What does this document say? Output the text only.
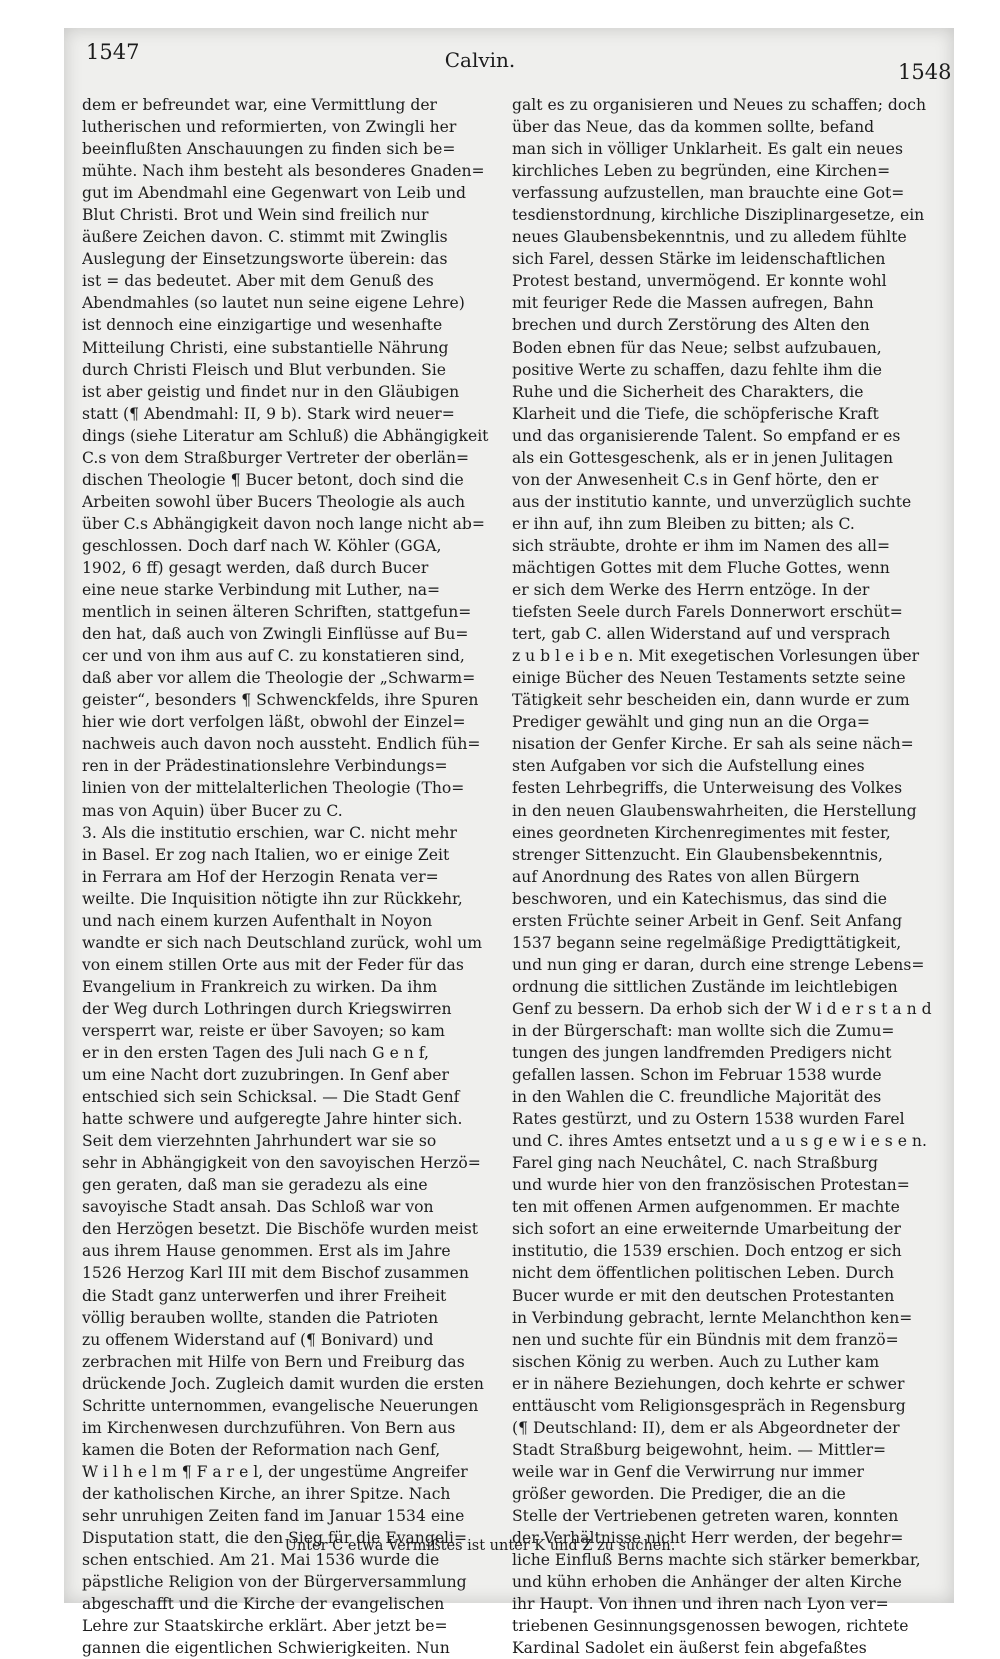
1547	Calvin.	1548
dem er befreundet war, eine Vermittlung der
lutherischen und reformierten, von Zwingli her
beeinflußten Anschauungen zu finden sich be=
mühte. Nach ihm besteht als besonderes Gnaden=
gut im Abendmahl eine Gegenwart von Leib und
Blut Christi. Brot und Wein sind freilich nur
äußere Zeichen davon. C. stimmt mit Zwinglis
Auslegung der Einsetzungsworte überein: das
ist = das bedeutet. Aber mit dem Genuß des
Abendmahles (so lautet nun seine eigene Lehre)
ist dennoch eine einzigartige und wesenhafte
Mitteilung Christi, eine substantielle Nährung
durch Christi Fleisch und Blut verbunden. Sie
ist aber geistig und findet nur in den Gläubigen
statt (¶ Abendmahl: II, 9 b). Stark wird neuer=
dings (siehe Literatur am Schluß) die Abhängigkeit
C.s von dem Straßburger Vertreter der oberlän=
dischen Theologie ¶ Bucer betont, doch sind die
Arbeiten sowohl über Bucers Theologie als auch
über C.s Abhängigkeit davon noch lange nicht ab=
geschlossen. Doch darf nach W. Köhler (GGA,
1902, 6 ff) gesagt werden, daß durch Bucer
eine neue starke Verbindung mit Luther, na=
mentlich in seinen älteren Schriften, stattgefun=
den hat, daß auch von Zwingli Einflüsse auf Bu=
cer und von ihm aus auf C. zu konstatieren sind,
daß aber vor allem die Theologie der „Schwarm=
geister“, besonders ¶ Schwenckfelds, ihre Spuren
hier wie dort verfolgen läßt, obwohl der Einzel=
nachweis auch davon noch aussteht. Endlich füh=
ren in der Prädestinationslehre Verbindungs=
linien von der mittelalterlichen Theologie (Tho=
mas von Aquin) über Bucer zu C.
3. Als die institutio erschien, war C. nicht mehr
in Basel. Er zog nach Italien, wo er einige Zeit
in Ferrara am Hof der Herzogin Renata ver=
weilte. Die Inquisition nötigte ihn zur Rückkehr,
und nach einem kurzen Aufenthalt in Noyon
wandte er sich nach Deutschland zurück, wohl um
von einem stillen Orte aus mit der Feder für das
Evangelium in Frankreich zu wirken. Da ihm
der Weg durch Lothringen durch Kriegswirren
versperrt war, reiste er über Savoyen; so kam
er in den ersten Tagen des Juli nach G e n f,
um eine Nacht dort zuzubringen. In Genf aber
entschied sich sein Schicksal. — Die Stadt Genf
hatte schwere und aufgeregte Jahre hinter sich.
Seit dem vierzehnten Jahrhundert war sie so
sehr in Abhängigkeit von den savoyischen Herzö=
gen geraten, daß man sie geradezu als eine
savoyische Stadt ansah. Das Schloß war von
den Herzögen besetzt. Die Bischöfe wurden meist
aus ihrem Hause genommen. Erst als im Jahre
1526 Herzog Karl III mit dem Bischof zusammen
die Stadt ganz unterwerfen und ihrer Freiheit
völlig berauben wollte, standen die Patrioten
zu offenem Widerstand auf (¶ Bonivard) und
zerbrachen mit Hilfe von Bern und Freiburg das
drückende Joch. Zugleich damit wurden die ersten
Schritte unternommen, evangelische Neuerungen
im Kirchenwesen durchzuführen. Von Bern aus
kamen die Boten der Reformation nach Genf,
W i l h e l m ¶ F a r e l, der ungestüme Angreifer
der katholischen Kirche, an ihrer Spitze. Nach
sehr unruhigen Zeiten fand im Januar 1534 eine
Disputation statt, die den Sieg für die Evangeli=
schen entschied. Am 21. Mai 1536 wurde die
päpstliche Religion von der Bürgerversammlung
abgeschafft und die Kirche der evangelischen
Lehre zur Staatskirche erklärt. Aber jetzt be=
gannen die eigentlichen Schwierigkeiten. Nun
galt es zu organisieren und Neues zu schaffen; doch
über das Neue, das da kommen sollte, befand
man sich in völliger Unklarheit. Es galt ein neues
kirchliches Leben zu begründen, eine Kirchen=
verfassung aufzustellen, man brauchte eine Got=
tesdienstordnung, kirchliche Disziplinargesetze, ein
neues Glaubensbekenntnis, und zu alledem fühlte
sich Farel, dessen Stärke im leidenschaftlichen
Protest bestand, unvermögend. Er konnte wohl
mit feuriger Rede die Massen aufregen, Bahn
brechen und durch Zerstörung des Alten den
Boden ebnen für das Neue; selbst aufzubauen,
positive Werte zu schaffen, dazu fehlte ihm die
Ruhe und die Sicherheit des Charakters, die
Klarheit und die Tiefe, die schöpferische Kraft
und das organisierende Talent. So empfand er es
als ein Gottesgeschenk, als er in jenen Julitagen
von der Anwesenheit C.s in Genf hörte, den er
aus der institutio kannte, und unverzüglich suchte
er ihn auf, ihn zum Bleiben zu bitten; als C.
sich sträubte, drohte er ihm im Namen des all=
mächtigen Gottes mit dem Fluche Gottes, wenn
er sich dem Werke des Herrn entzöge. In der
tiefsten Seele durch Farels Donnerwort erschüt=
tert, gab C. allen Widerstand auf und versprach
z u b l e i b e n. Mit exegetischen Vorlesungen über
einige Bücher des Neuen Testaments setzte seine
Tätigkeit sehr bescheiden ein, dann wurde er zum
Prediger gewählt und ging nun an die Orga=
nisation der Genfer Kirche. Er sah als seine näch=
sten Aufgaben vor sich die Aufstellung eines
festen Lehrbegriffs, die Unterweisung des Volkes
in den neuen Glaubenswahrheiten, die Herstellung
eines geordneten Kirchenregimentes mit fester,
strenger Sittenzucht. Ein Glaubensbekenntnis,
auf Anordnung des Rates von allen Bürgern
beschworen, und ein Katechismus, das sind die
ersten Früchte seiner Arbeit in Genf. Seit Anfang
1537 begann seine regelmäßige Predigttätigkeit,
und nun ging er daran, durch eine strenge Lebens=
ordnung die sittlichen Zustände im leichtlebigen
Genf zu bessern. Da erhob sich der W i d e r s t a n d
in der Bürgerschaft: man wollte sich die Zumu=
tungen des jungen landfremden Predigers nicht
gefallen lassen. Schon im Februar 1538 wurde
in den Wahlen die C. freundliche Majorität des
Rates gestürzt, und zu Ostern 1538 wurden Farel
und C. ihres Amtes entsetzt und a u s g e w i e s e n.
Farel ging nach Neuchâtel, C. nach Straßburg
und wurde hier von den französischen Protestan=
ten mit offenen Armen aufgenommen. Er machte
sich sofort an eine erweiternde Umarbeitung der
institutio, die 1539 erschien. Doch entzog er sich
nicht dem öffentlichen politischen Leben. Durch
Bucer wurde er mit den deutschen Protestanten
in Verbindung gebracht, lernte Melanchthon ken=
nen und suchte für ein Bündnis mit dem franzö=
sischen König zu werben. Auch zu Luther kam
er in nähere Beziehungen, doch kehrte er schwer
enttäuscht vom Religionsgespräch in Regensburg
(¶ Deutschland: II), dem er als Abgeordneter der
Stadt Straßburg beigewohnt, heim. — Mittler=
weile war in Genf die Verwirrung nur immer
größer geworden. Die Prediger, die an die
Stelle der Vertriebenen getreten waren, konnten
der Verhältnisse nicht Herr werden, der begehr=
liche Einfluß Berns machte sich stärker bemerkbar,
und kühn erhoben die Anhänger der alten Kirche
ihr Haupt. Von ihnen und ihren nach Lyon ver=
triebenen Gesinnungsgenossen bewogen, richtete
Kardinal Sadolet ein äußerst fein abgefaßtes
Unter C etwa Vermißtes ist unter K und Z zu suchen.
